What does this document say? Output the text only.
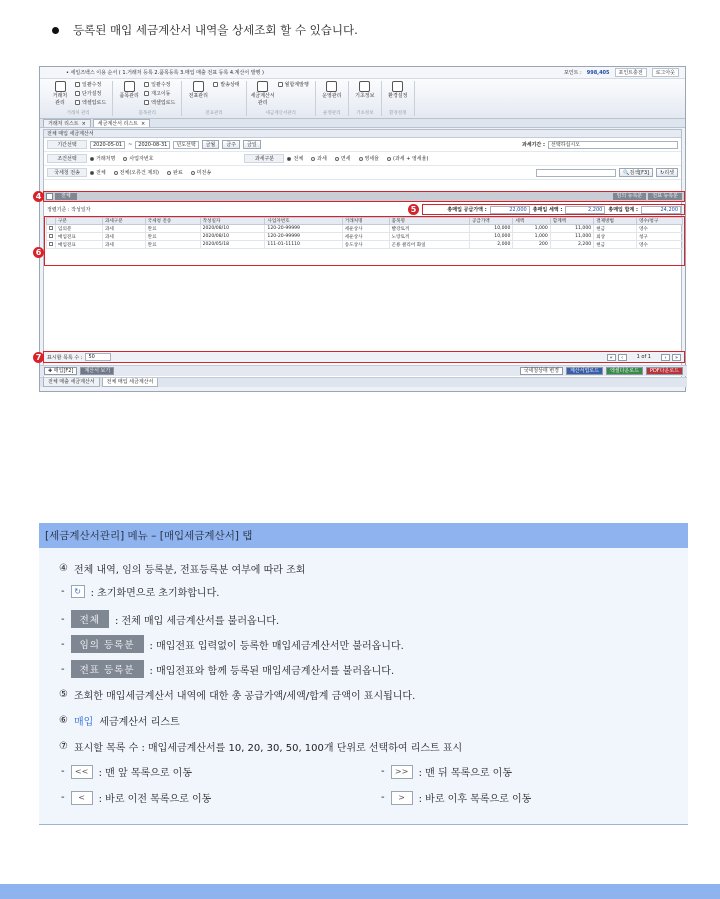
등록된 매입 세금계산서 내역을 상세조회 할 수 있습니다.
• 세일즈백스 이용 순서 ( 1.거래처 등록 2.품목등록 3.매입 매출 전표 등록 4.계산서 발행 )	포인트 : 998,405	포인트충전	로그아웃
거래처
관리
일괄수정
단가설정
엑셀업로드
거래처 관리
품목관리
일괄수정
재고이동
엑셀업로드
품목관리
전표관리
발송상태
전표관리
세금계산서
관리
월합계발행
세금계산서관리
운영관리
운영관리
기초정보
기초정보
환경설정
환경설정
거래처 리스트 × 세금계산서 리스트 ×
전체 매입 세금계산서
기간선택	2020-05-01	~	2020-08-31	년도선택	금월	금주	금일	과세기간 :	선택하십시오
조건선택	거래처명	사업자번호	과세구분	전체	과세	면세	영세율	(과세 + 영세율)
국세청 전송	전체	전체(오류건 제외)	완료	미전송	🔍검색[F3]	↻리셋
전체	임의 등록분	전표 등록분
4
정렬기준 : 작성일자	총매입 공급가액 :	22,000	총매입 세액 :	2,200	총매입 합계 :	24,200
5
	구분	과세구분	국세청 전송	작성일자	사업자번호	거래처명	품목명	공급가액	세액	합계액	결제방법	영수/청구
	임의분	과세	완료	2020/08/10	120-20-99999	세운상사	빨강토끼	10,000	1,000	11,000	현금	영수
	매입전표	과세	완료	2020/08/10	120-20-99999	세운상사	노랑토끼	10,000	1,000	11,000	외상	청구
	매입전표	과세	완료	2020/05/18	111-01-11110	송도상사	곤룡 클리어 화일	2,000	200	2,200	현금	영수
6
표시할 목록 수 :	50	«	‹	1 of 1	›	»
7
✚ 매입[F2]	계산서 보기	국세청상태 변경	계산서업로드	엑셀다운로드	PDF다운로드
전체 매출 세금계산서	전체 매입 세금계산서
[세금계산서관리] 메뉴 – [매입세금계산서] 탭
④ 전체 내역, 임의 등록분, 전표등록분 여부에 따라 조회
-	↻ : 초기화면으로 초기화합니다.
-	전체	: 전체 매입 세금계산서를 불러옵니다.
-	임의 등록분	: 매입전표 입력없이 등록한 매입세금계산서만 불러옵니다.
-	전표 등록분	: 매입전표와 함께 등록된 매입세금계산서를 불러옵니다.
⑤ 조회한 매입세금계산서 내역에 대한 총 공급가액/세액/합계 금액이 표시됩니다.
⑥ 매입 세금계산서 리스트
⑦ 표시할 목록 수 : 매입세금계산서를 10, 20, 30, 50, 100개 단위로 선택하여 리스트 표시
-	<<	: 맨 앞 목록으로 이동	-	>>	: 맨 뒤 목록으로 이동
-	<	: 바로 이전 목록으로 이동	-	>	: 바로 이후 목록으로 이동
